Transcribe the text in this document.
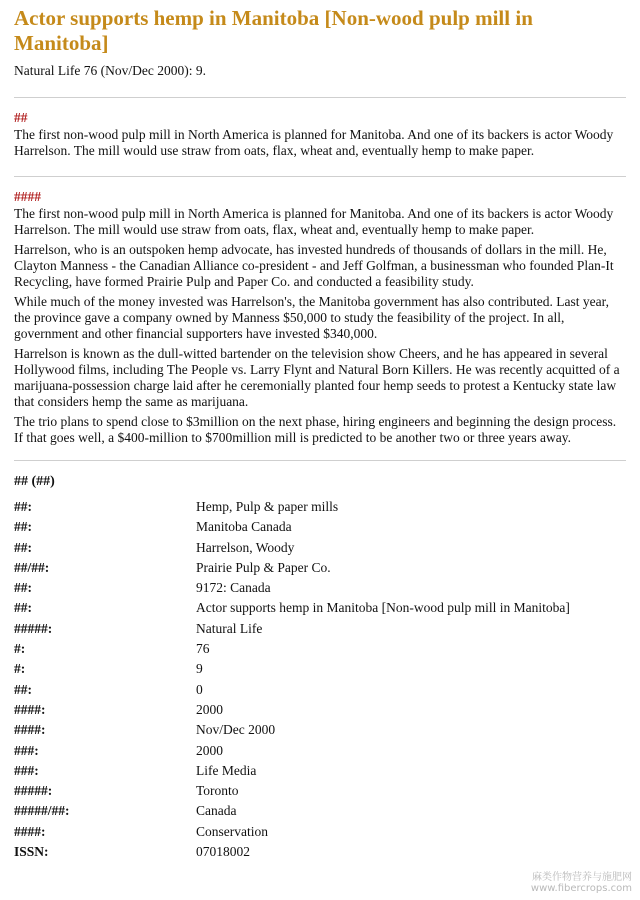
Actor supports hemp in Manitoba [Non-wood pulp mill in Manitoba]
Natural Life 76 (Nov/Dec 2000): 9.
##
The first non-wood pulp mill in North America is planned for Manitoba. And one of its backers is actor Woody Harrelson. The mill would use straw from oats, flax, wheat and, eventually hemp to make paper.
####
The first non-wood pulp mill in North America is planned for Manitoba. And one of its backers is actor Woody Harrelson. The mill would use straw from oats, flax, wheat and, eventually hemp to make paper.
Harrelson, who is an outspoken hemp advocate, has invested hundreds of thousands of dollars in the mill. He, Clayton Manness - the Canadian Alliance co-president - and Jeff Golfman, a businessman who founded Plan-It Recycling, have formed Prairie Pulp and Paper Co. and conducted a feasibility study.
While much of the money invested was Harrelson's, the Manitoba government has also contributed. Last year, the province gave a company owned by Manness $50,000 to study the feasibility of the project. In all, government and other financial supporters have invested $340,000.
Harrelson is known as the dull-witted bartender on the television show Cheers, and he has appeared in several Hollywood films, including The People vs. Larry Flynt and Natural Born Killers. He was recently acquitted of a marijuana-possession charge laid after he ceremonially planted four hemp seeds to protest a Kentucky state law that considers hemp the same as marijuana.
The trio plans to spend close to $3million on the next phase, hiring engineers and beginning the design process. If that goes well, a $400-million to $700million mill is predicted to be another two or three years away.
## (##)
##:	Hemp, Pulp & paper mills
##:	Manitoba Canada
##:	Harrelson, Woody
##/##:	Prairie Pulp & Paper Co.
##:	9172: Canada
##:	Actor supports hemp in Manitoba [Non-wood pulp mill in Manitoba]
#####:	Natural Life
#:	76
#:	9
##:	0
####:	2000
####:	Nov/Dec 2000
###:	2000
###:	Life Media
#####:	Toronto
#####/##:	Canada
####:	Conservation
ISSN:	07018002
麻类作物营养与施肥网
www.fibercrops.com
